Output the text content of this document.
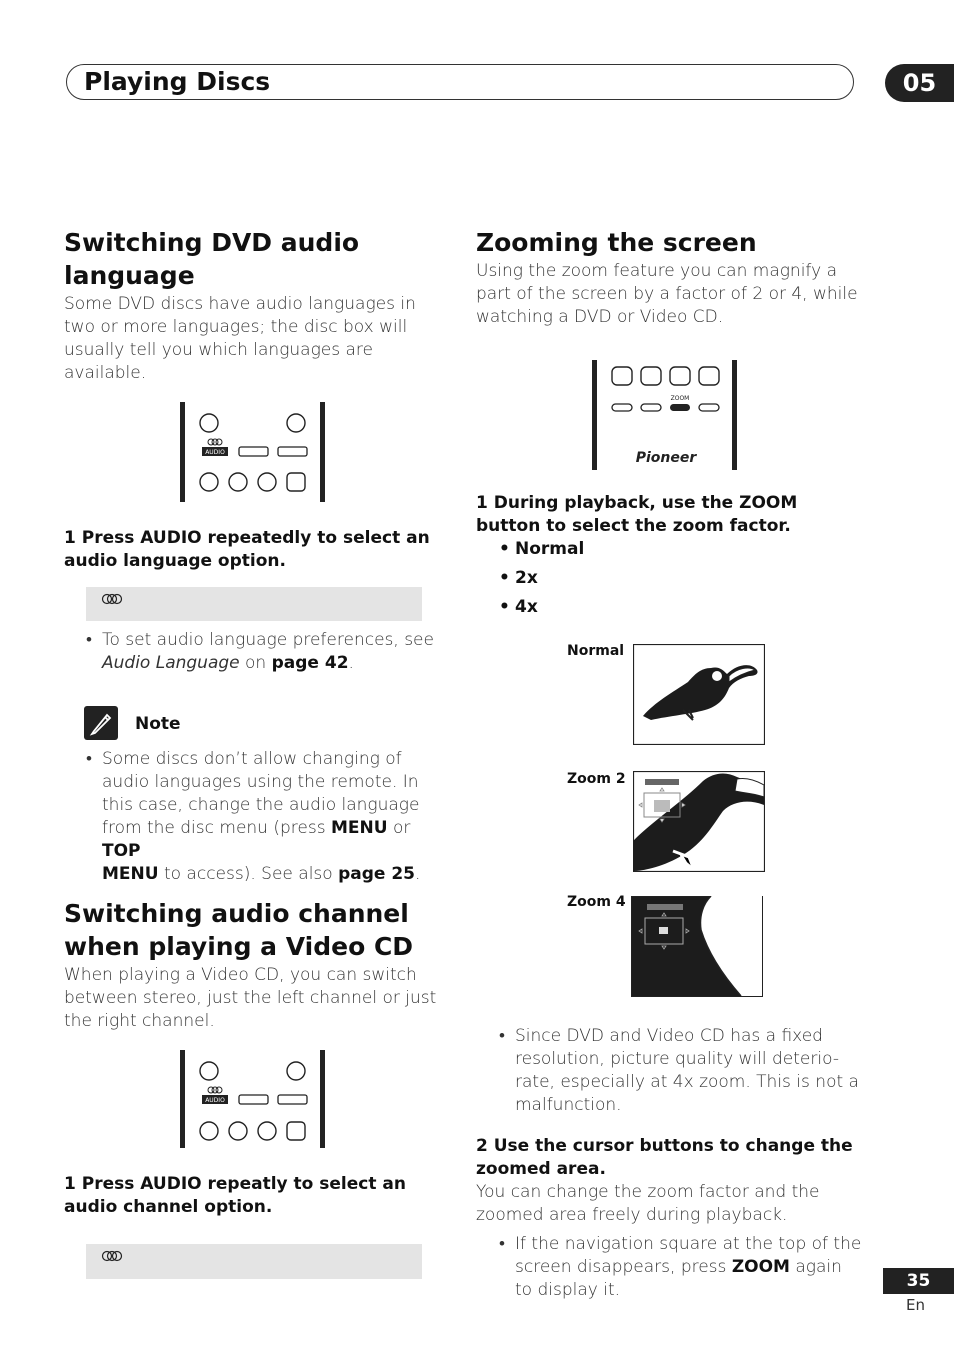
Playing Discs	05
Switching DVD audio
language
Some DVD discs have audio languages in
two or more languages; the disc box will
usually tell you which languages are
available.
AUDIO
1 Press AUDIO repeatedly to select an
audio language option.
• To set audio language preferences, see
Audio Language on page 42.
Note
• Some discs don’t allow changing of
audio languages using the remote. In
this case, change the audio language
from the disc menu (press MENU or TOP
MENU to access). See also page 25.
Switching audio channel
when playing a Video CD
When playing a Video CD, you can switch
between stereo, just the left channel or just
the right channel.
AUDIO
1 Press AUDIO repeatly to select an
audio channel option.
Zooming the screen
Using the zoom feature you can magnify a
part of the screen by a factor of 2 or 4, while
watching a DVD or Video CD.
ZOOM
Pioneer
1 During playback, use the ZOOM
button to select the zoom factor.
• Normal
• 2x
• 4x
Normal
Zoom 2
Zoom 4
• Since DVD and Video CD has a fixed
resolution, picture quality will deterio-
rate, especially at 4x zoom. This is not a
malfunction.
2 Use the cursor buttons to change the
zoomed area.
You can change the zoom factor and the
zoomed area freely during playback.
• If the navigation square at the top of the
screen disappears, press ZOOM again
to display it.	35
En
